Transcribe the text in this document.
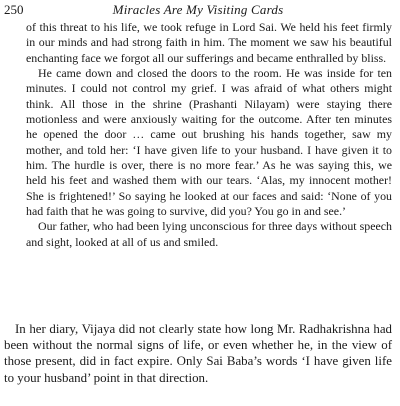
250	Miracles Are My Visiting Cards

of this threat to his life, we took refuge in Lord Sai. We held his feet firmly in our minds and had strong faith in him. The moment we saw his beautiful enchanting face we forgot all our sufferings and became enthralled by bliss.

He came down and closed the doors to the room. He was inside for ten minutes. I could not control my grief. I was afraid of what others might think. All those in the shrine (Prashanti Nilayam) were staying there motionless and were anxiously waiting for the outcome. After ten minutes he opened the door … came out brushing his hands together, saw my mother, and told her: ‘I have given life to your husband. I have given it to him. The hurdle is over, there is no more fear.’ As he was saying this, we held his feet and washed them with our tears. ‘Alas, my innocent mother! She is frightened!’ So saying he looked at our faces and said: ‘None of you had faith that he was going to survive, did you? You go in and see.’

Our father, who had been lying unconscious for three days without speech and sight, looked at all of us and smiled.

In her diary, Vijaya did not clearly state how long Mr. Radhakrishna had been without the normal signs of life, or even whether he, in the view of those present, did in fact expire. Only Sai Baba’s words ‘I have given life to your husband’ point in that direction.
